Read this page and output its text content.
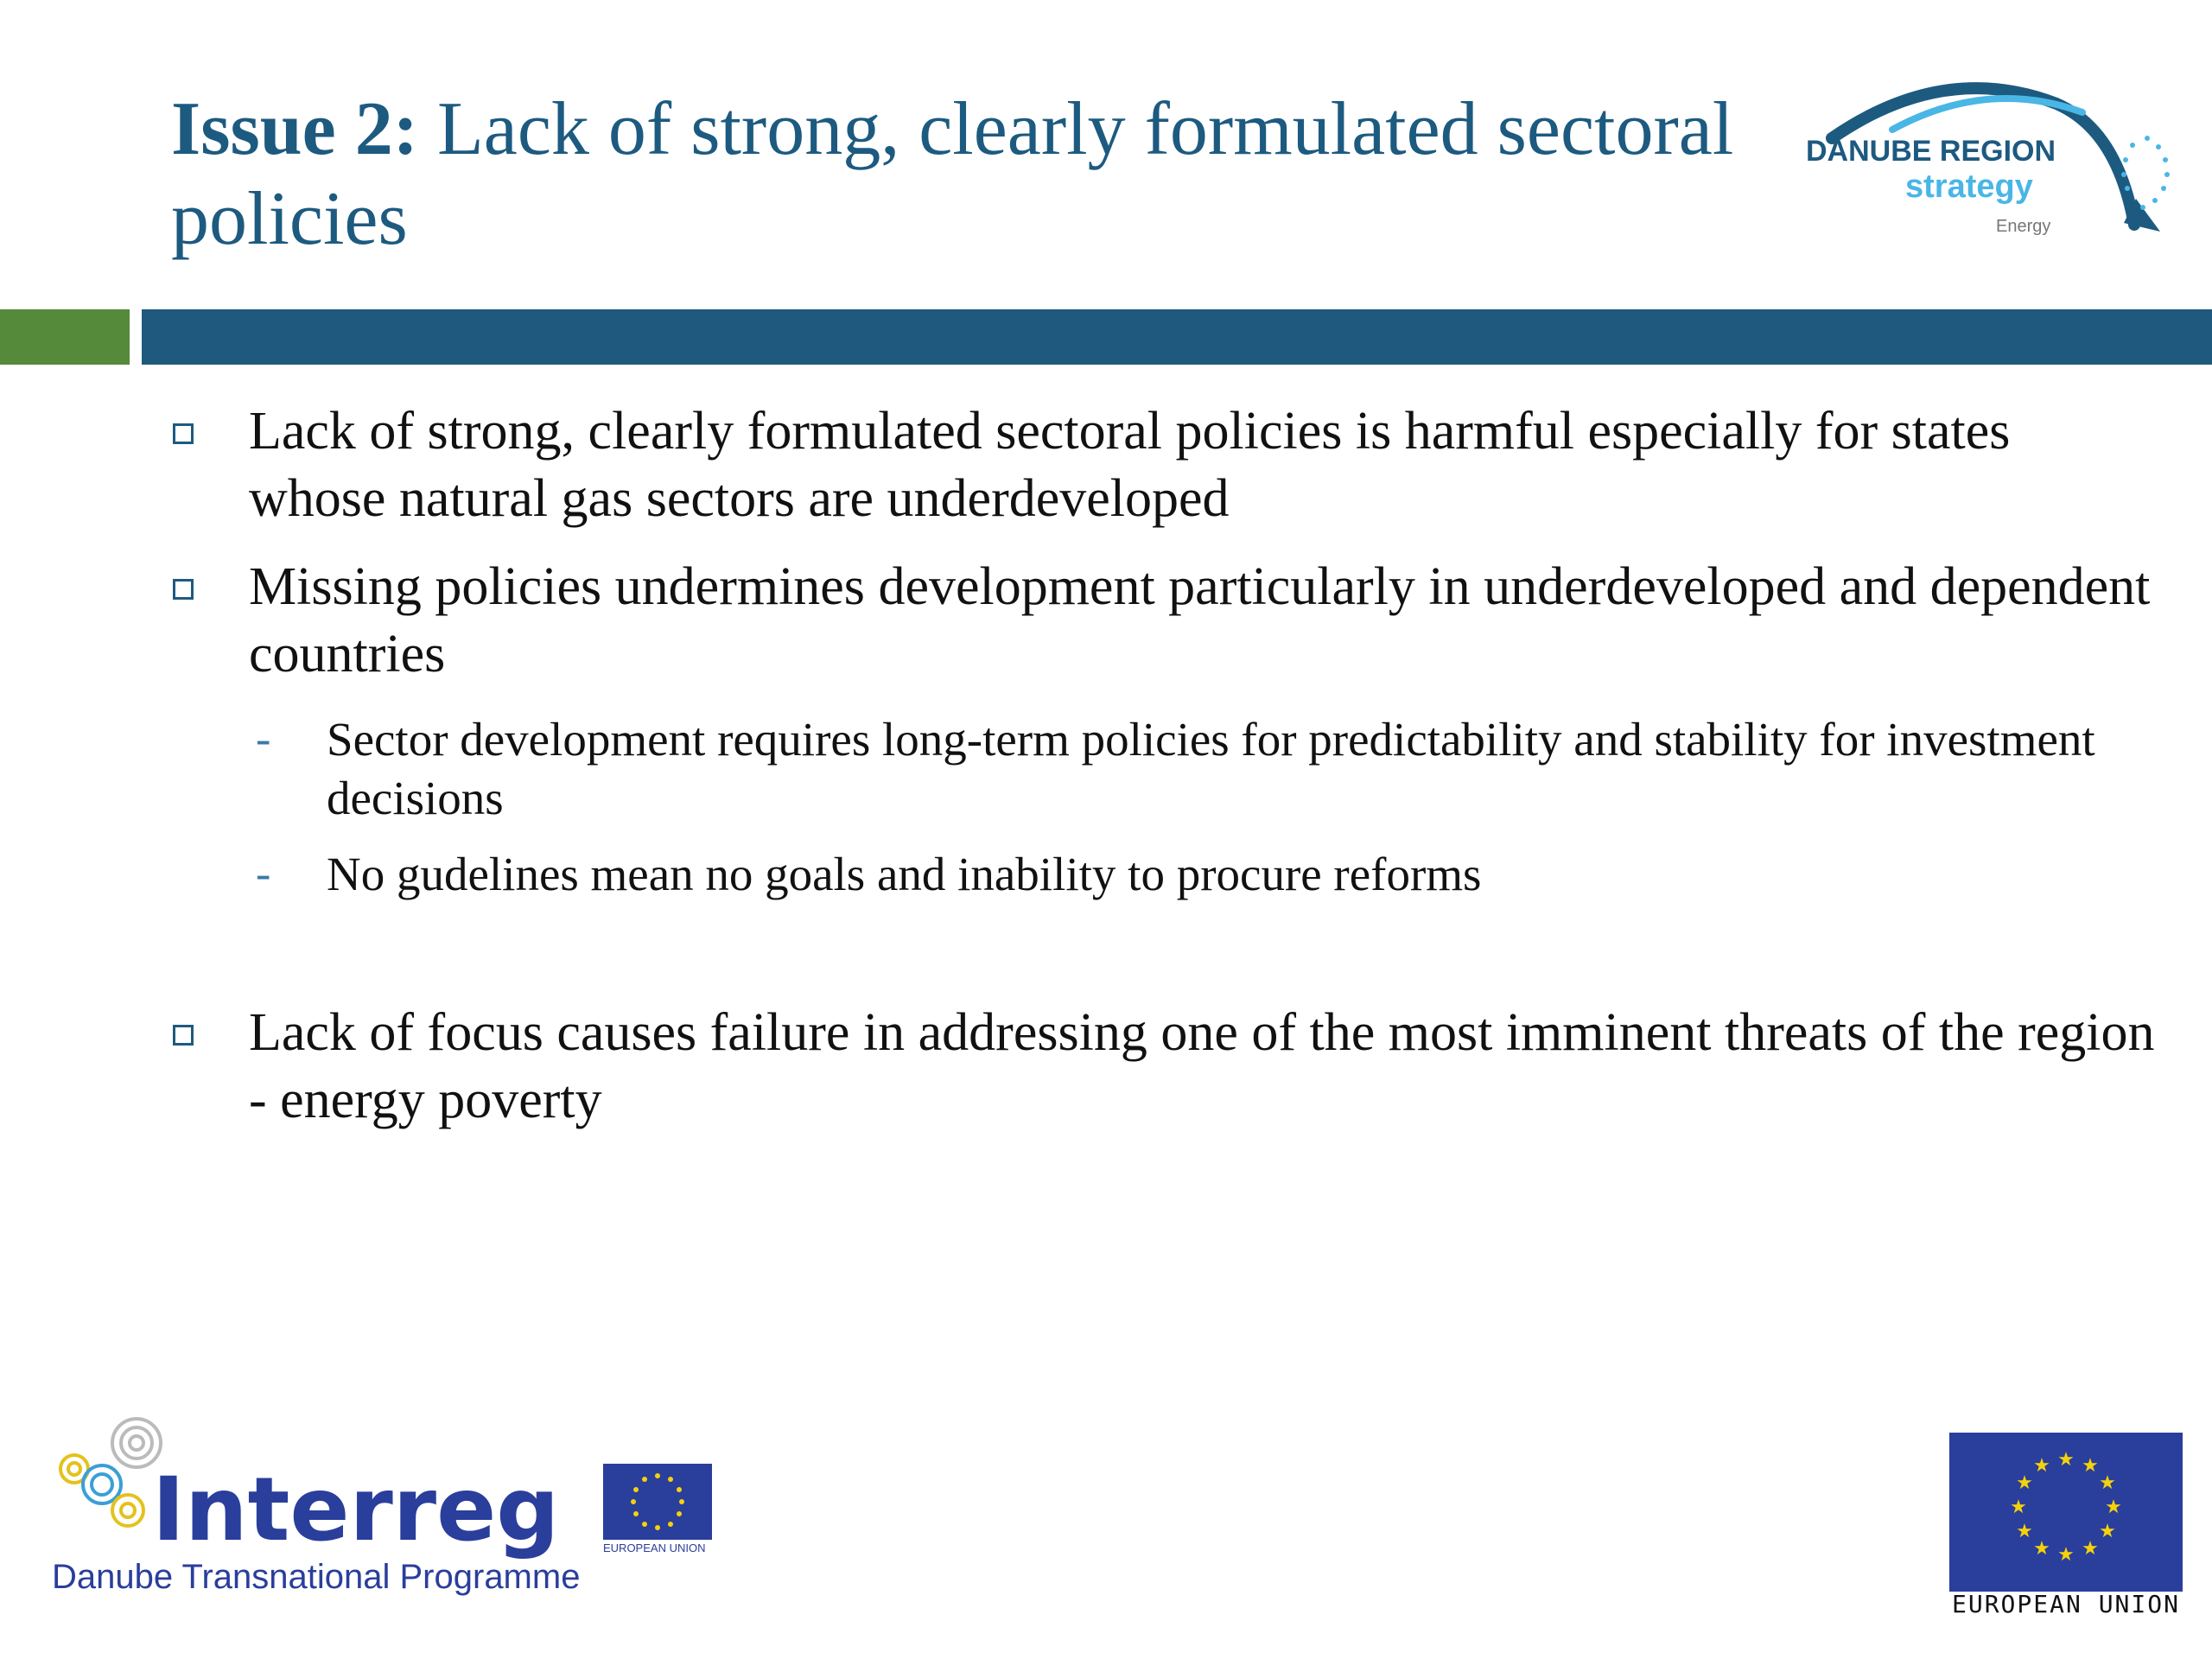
Issue 2: Lack of strong, clearly formulated sectoral policies
DANUBE REGION
strategy
Energy
Lack of strong, clearly formulated sectoral policies is harmful especially for states whose natural gas sectors are underdeveloped
Missing policies undermines development particularly in underdeveloped and dependent countries
- Sector development requires long-term policies for predictability and stability for investment decisions
- No gudelines mean no goals and inability to procure reforms
Lack of focus causes failure in addressing one of the most imminent threats of the region - energy poverty
Interreg	EUROPEAN UNION
Danube Transnational Programme
★ ★
★
★
★
★
★
★
★
★
★
★
EUROPEAN UNION
